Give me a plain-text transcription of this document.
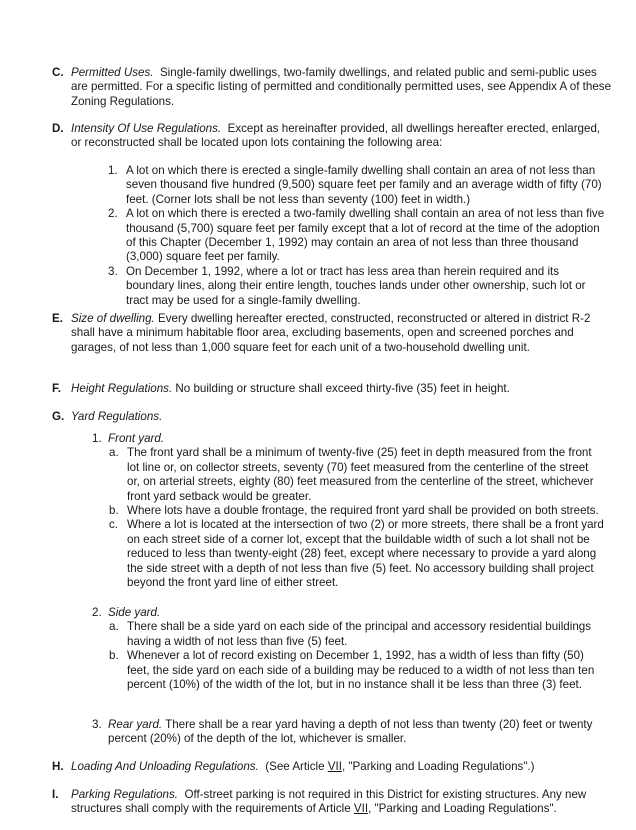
C. Permitted Uses. Single-family dwellings, two-family dwellings, and related public and semi-public uses are permitted. For a specific listing of permitted and conditionally permitted uses, see Appendix A of these Zoning Regulations.
D. Intensity Of Use Regulations. Except as hereinafter provided, all dwellings hereafter erected, enlarged, or reconstructed shall be located upon lots containing the following area:
1. A lot on which there is erected a single-family dwelling shall contain an area of not less than seven thousand five hundred (9,500) square feet per family and an average width of fifty (70) feet. (Corner lots shall be not less than seventy (100) feet in width.)
2. A lot on which there is erected a two-family dwelling shall contain an area of not less than five thousand (5,700) square feet per family except that a lot of record at the time of the adoption of this Chapter (December 1, 1992) may contain an area of not less than three thousand (3,000) square feet per family.
3. On December 1, 1992, where a lot or tract has less area than herein required and its boundary lines, along their entire length, touches lands under other ownership, such lot or tract may be used for a single-family dwelling.
E. Size of dwelling. Every dwelling hereafter erected, constructed, reconstructed or altered in district R-2 shall have a minimum habitable floor area, excluding basements, open and screened porches and garages, of not less than 1,000 square feet for each unit of a two-household dwelling unit.
F. Height Regulations. No building or structure shall exceed thirty-five (35) feet in height.
G. Yard Regulations.
1. Front yard.
a. The front yard shall be a minimum of twenty-five (25) feet in depth measured from the front lot line or, on collector streets, seventy (70) feet measured from the centerline of the street or, on arterial streets, eighty (80) feet measured from the centerline of the street, whichever front yard setback would be greater.
b. Where lots have a double frontage, the required front yard shall be provided on both streets.
c. Where a lot is located at the intersection of two (2) or more streets, there shall be a front yard on each street side of a corner lot, except that the buildable width of such a lot shall not be reduced to less than twenty-eight (28) feet, except where necessary to provide a yard along the side street with a depth of not less than five (5) feet. No accessory building shall project beyond the front yard line of either street.
2. Side yard.
a. There shall be a side yard on each side of the principal and accessory residential buildings having a width of not less than five (5) feet.
b. Whenever a lot of record existing on December 1, 1992, has a width of less than fifty (50) feet, the side yard on each side of a building may be reduced to a width of not less than ten percent (10%) of the width of the lot, but in no instance shall it be less than three (3) feet.
3. Rear yard. There shall be a rear yard having a depth of not less than twenty (20) feet or twenty percent (20%) of the depth of the lot, whichever is smaller.
H. Loading And Unloading Regulations. (See Article VII, "Parking and Loading Regulations".)
I. Parking Regulations. Off-street parking is not required in this District for existing structures. Any new structures shall comply with the requirements of Article VII, "Parking and Loading Regulations".
